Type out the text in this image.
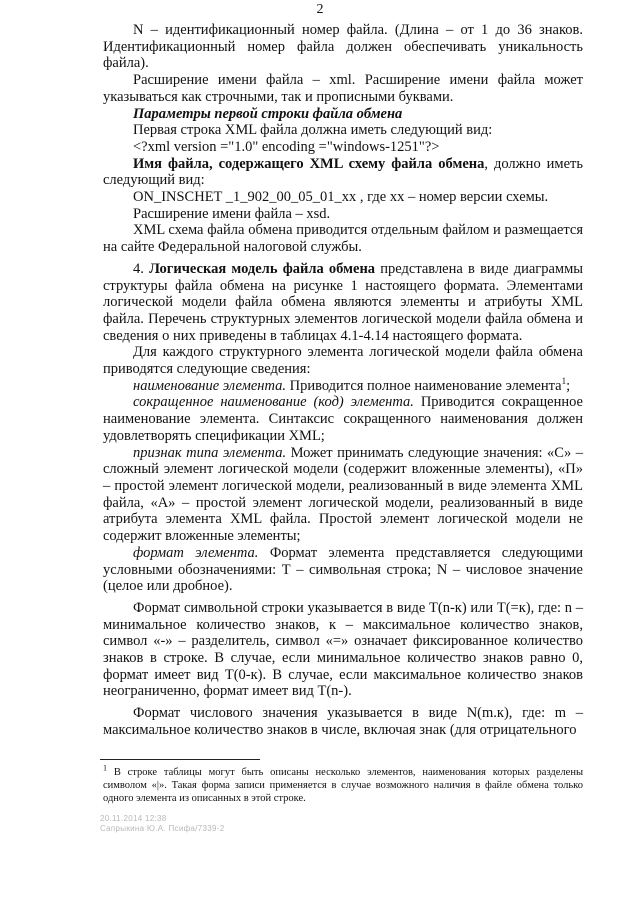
2

N – идентификационный номер файла. (Длина – от 1 до 36 знаков. Идентификационный номер файла должен обеспечивать уникальность файла).

Расширение имени файла – xml. Расширение имени файла может указываться как строчными, так и прописными буквами.

Параметры первой строки файла обмена

Первая строка XML файла должна иметь следующий вид:

<?xml version ="1.0" encoding ="windows-1251"?>

Имя файла, содержащего XML схему файла обмена, должно иметь следующий вид:

ON_INSCHET _1_902_00_05_01_xx , где хх – номер версии схемы.

Расширение имени файла – xsd.

XML схема файла обмена приводится отдельным файлом и размещается на сайте Федеральной налоговой службы.

4. Логическая модель файла обмена представлена в виде диаграммы структуры файла обмена на рисунке 1 настоящего формата. Элементами логической модели файла обмена являются элементы и атрибуты XML файла. Перечень структурных элементов логической модели файла обмена и сведения о них приведены в таблицах 4.1-4.14 настоящего формата.

Для каждого структурного элемента логической модели файла обмена приводятся следующие сведения:

наименование элемента. Приводится полное наименование элемента$^1$;

сокращенное наименование (код) элемента. Приводится сокращенное наименование элемента. Синтаксис сокращенного наименования должен удовлетворять спецификации XML;

признак типа элемента. Может принимать следующие значения: «С» – сложный элемент логической модели (содержит вложенные элементы), «П» – простой элемент логической модели, реализованный в виде элемента XML файла, «А» – простой элемент логической модели, реализованный в виде атрибута элемента XML файла. Простой элемент логической модели не содержит вложенные элементы;

формат элемента. Формат элемента представляется следующими условными обозначениями: Т – символьная строка; N – числовое значение (целое или дробное).

Формат символьной строки указывается в виде Т(n-к) или Т(=к), где: n – минимальное количество знаков, к – максимальное количество знаков, символ «-» – разделитель, символ «=» означает фиксированное количество знаков в строке. В случае, если минимальное количество знаков равно 0, формат имеет вид Т(0-к). В случае, если максимальное количество знаков неограниченно, формат имеет вид Т(n-).

Формат числового значения указывается в виде N(m.к), где: m – максимальное количество знаков в числе, включая знак (для отрицательного

$^1$ В строке таблицы могут быть описаны несколько элементов, наименования которых разделены символом «|». Такая форма записи применяется в случае возможного наличия в файле обмена только одного элемента из описанных в этой строке.
20.11.2014 12:38
Сапрыкина Ю.А. Псифа/7339-2
